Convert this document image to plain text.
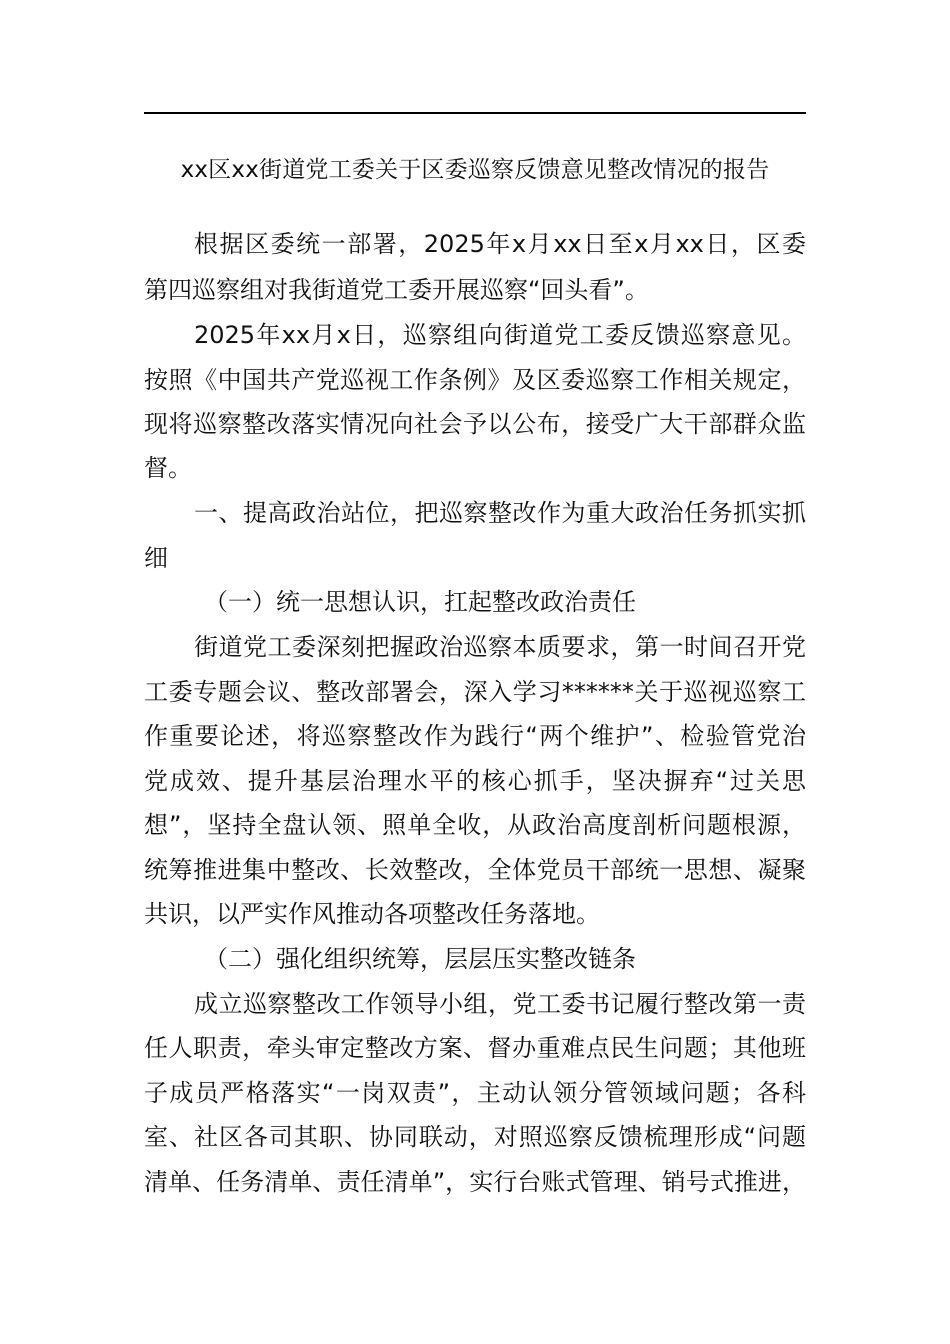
xx区xx街道党工委关于区委巡察反馈意见整改情况的报告
根据区委统一部署，2025年x月xx日至x月xx日，区委
第四巡察组对我街道党工委开展巡察“回头看”。
2025年xx月x日，巡察组向街道党工委反馈巡察意见。
按照《中国共产党巡视工作条例》及区委巡察工作相关规定，
现将巡察整改落实情况向社会予以公布，接受广大干部群众监
督。
一、提高政治站位，把巡察整改作为重大政治任务抓实抓
细
（一）统一思想认识，扛起整改政治责任
街道党工委深刻把握政治巡察本质要求，第一时间召开党
工委专题会议、整改部署会，深入学习******关于巡视巡察工
作重要论述，将巡察整改作为践行“两个维护”、检验管党治
党成效、提升基层治理水平的核心抓手，坚决摒弃“过关思
想”，坚持全盘认领、照单全收，从政治高度剖析问题根源，
统筹推进集中整改、长效整改，全体党员干部统一思想、凝聚
共识，以严实作风推动各项整改任务落地。
（二）强化组织统筹，层层压实整改链条
成立巡察整改工作领导小组，党工委书记履行整改第一责
任人职责，牵头审定整改方案、督办重难点民生问题；其他班
子成员严格落实“一岗双责”，主动认领分管领域问题；各科
室、社区各司其职、协同联动，对照巡察反馈梳理形成“问题
清单、任务清单、责任清单”，实行台账式管理、销号式推进，
